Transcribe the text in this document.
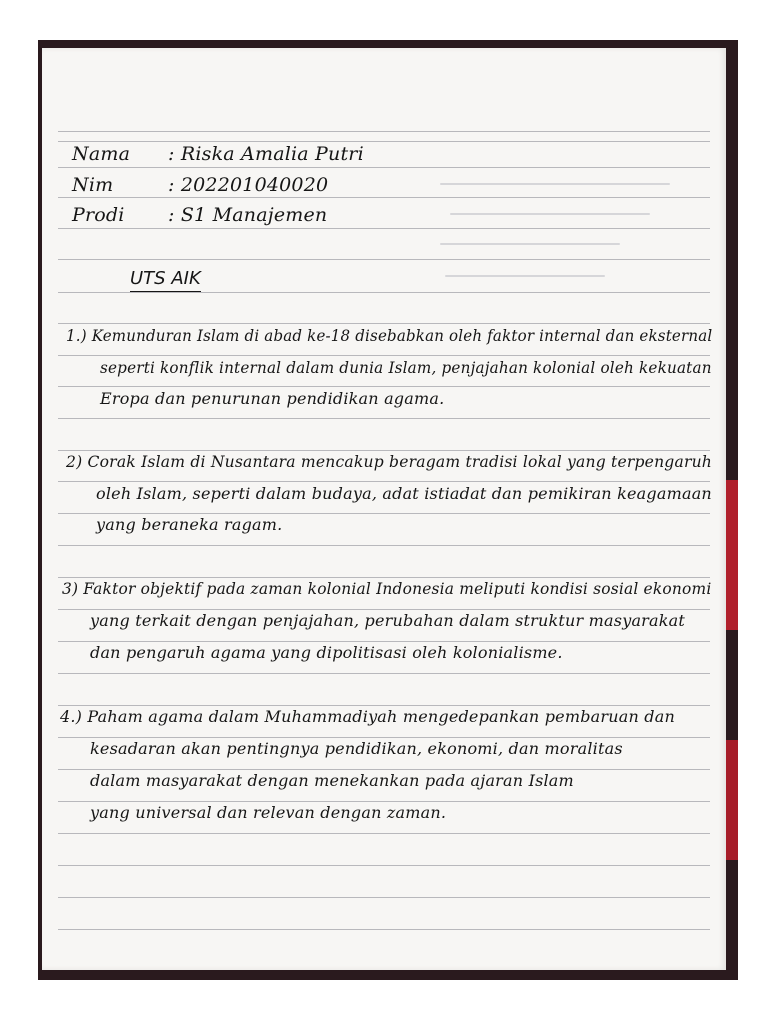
Nama : Riska Amalia Putri
Nim	: 202201040020
Prodi : S1 Manajemen
UTS AIK
1.) Kemunduran Islam di abad ke-18 disebabkan oleh faktor internal dan eksternal
seperti konflik internal dalam dunia Islam, penjajahan kolonial oleh kekuatan
Eropa dan penurunan pendidikan agama.
2) Corak Islam di Nusantara mencakup beragam tradisi lokal yang terpengaruh
oleh Islam, seperti dalam budaya, adat istiadat dan pemikiran keagamaan
yang beraneka ragam.
3) Faktor objektif pada zaman kolonial Indonesia meliputi kondisi sosial ekonomi
yang terkait dengan penjajahan, perubahan dalam struktur masyarakat
dan pengaruh agama yang dipolitisasi oleh kolonialisme.
4.) Paham agama dalam Muhammadiyah mengedepankan pembaruan dan
kesadaran akan pentingnya pendidikan, ekonomi, dan moralitas
dalam masyarakat dengan menekankan pada ajaran Islam
yang universal dan relevan dengan zaman.
